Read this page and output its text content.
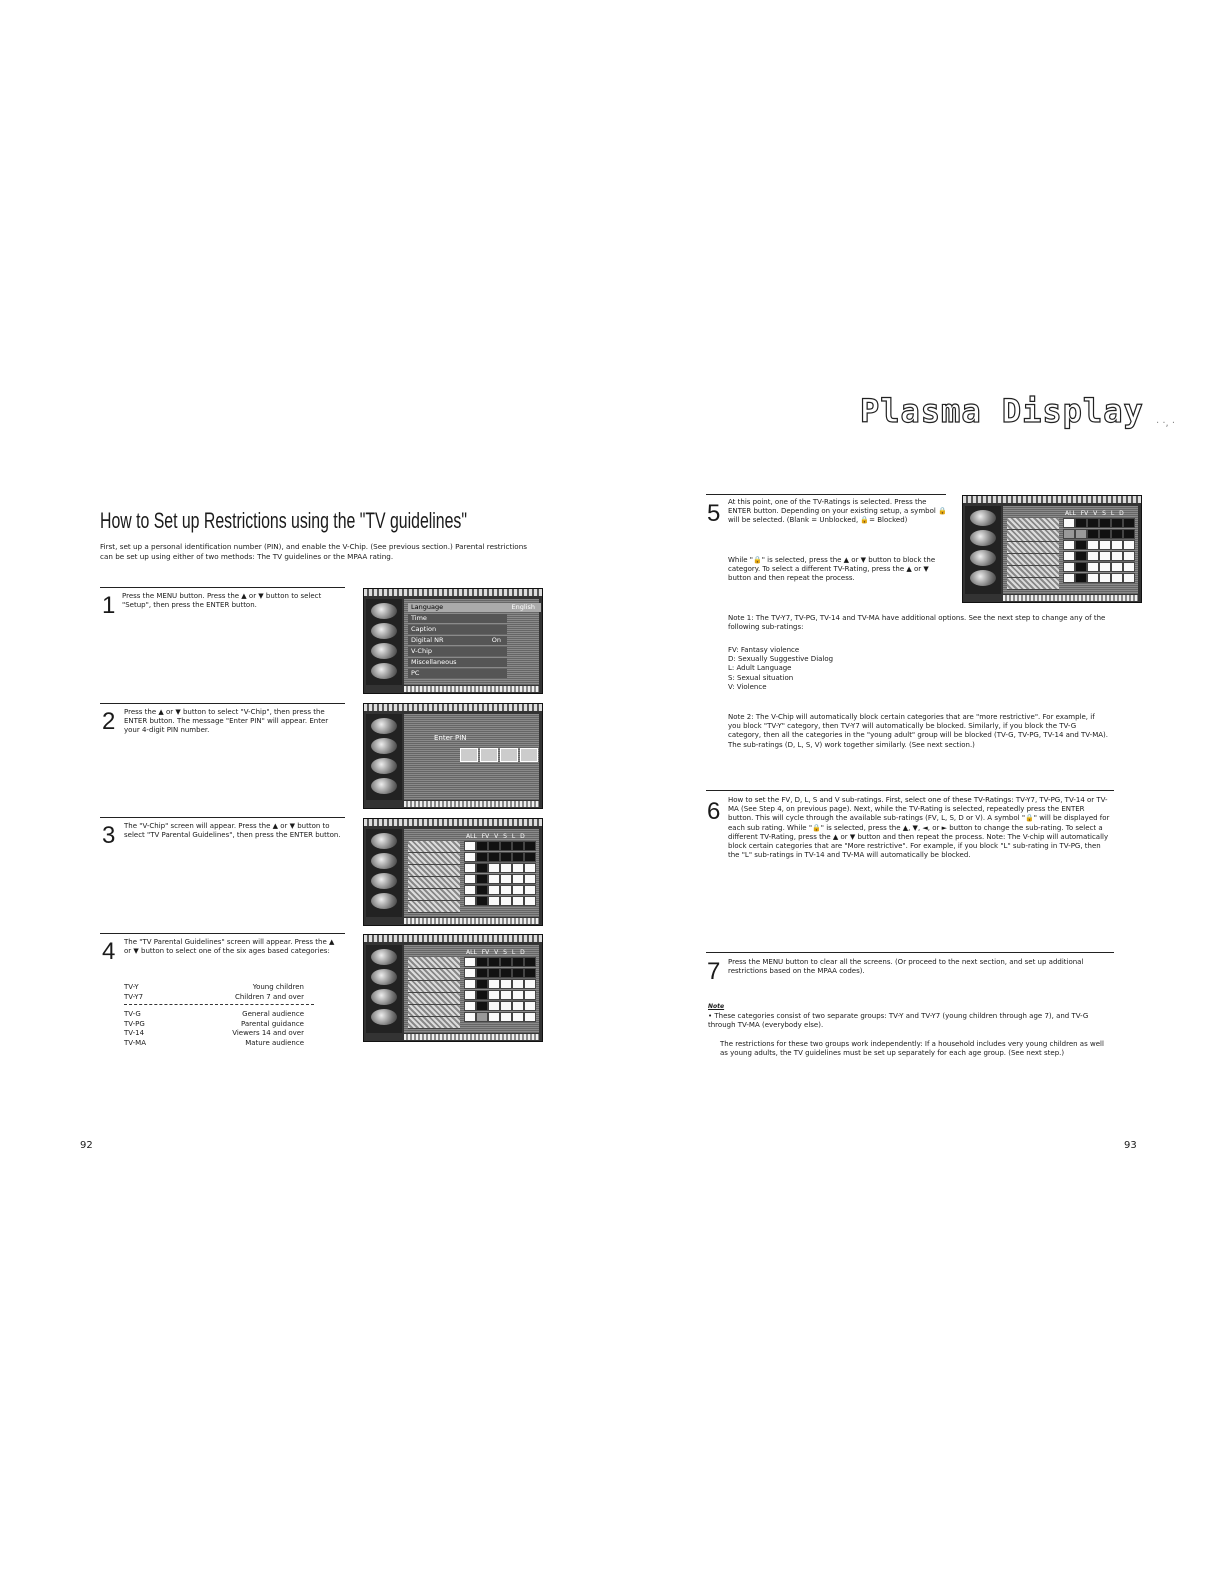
Plasma Display · ·, ·
How to Set up Restrictions using the "TV guidelines"
First, set up a personal identification number (PIN), and enable the V-Chip. (See previous section.) Parental restrictions can be set up using either of two methods: The TV guidelines or the MPAA rating.
1 Press the MENU button. Press the ▲ or ▼ button to select "Setup", then press the ENTER button.	Language	English
Time
Caption
Digital NR	On
V-Chip
Miscellaneous
PC
2 Press the ▲ or ▼ button to select "V-Chip", then press the ENTER button. The message "Enter PIN" will appear. Enter your 4-digit PIN number.
Enter PIN
3 The "V-Chip" screen will appear. Press the ▲ or ▼ button to select "TV Parental Guidelines", then press the ENTER button.	ALL FV V S L D
4 The "TV Parental Guidelines" screen will appear. Press the ▲ or ▼ button to select one of the six ages based categories:
TV-Y	Young children
TV-Y7	Children 7 and over
TV-G	General audience
TV-PG	Parental guidance
TV-14	Viewers 14 and over
TV-MA	Mature audience
ALL FV V S L D
92
5 At this point, one of the TV-Ratings is selected. Press the ENTER button. Depending on your existing setup, a symbol 🔒 will be selected. (Blank = Unblocked, 🔒= Blocked)
While "🔒" is selected, press the ▲ or ▼ button to block the category. To select a different TV-Rating, press the ▲ or ▼ button and then repeat the process.
ALL FV V S L D
Note 1: The TV-Y7, TV-PG, TV-14 and TV-MA have additional options. See the next step to change any of the following sub-ratings:
FV: Fantasy violence
D: Sexually Suggestive Dialog
L: Adult Language
S: Sexual situation
V: Violence
Note 2: The V-Chip will automatically block certain categories that are "more restrictive". For example, if you block "TV-Y" category, then TV-Y7 will automatically be blocked. Similarly, if you block the TV-G category, then all the categories in the "young adult" group will be blocked (TV-G, TV-PG, TV-14 and TV-MA). The sub-ratings (D, L, S, V) work together similarly. (See next section.)
6 How to set the FV, D, L, S and V sub-ratings. First, select one of these TV-Ratings: TV-Y7, TV-PG, TV-14 or TV-MA (See Step 4, on previous page). Next, while the TV-Rating is selected, repeatedly press the ENTER button. This will cycle through the available sub-ratings (FV, L, S, D or V). A symbol "🔒" will be displayed for each sub rating. While "🔒" is selected, press the ▲, ▼, ◄, or ► button to change the sub-rating. To select a different TV-Rating, press the ▲ or ▼ button and then repeat the process. Note: The V-chip will automatically block certain categories that are "More restrictive". For example, if you block "L" sub-rating in TV-PG, then the "L" sub-ratings in TV-14 and TV-MA will automatically be blocked.
7 Press the MENU button to clear all the screens. (Or proceed to the next section, and set up additional restrictions based on the MPAA codes).
Note
• These categories consist of two separate groups: TV-Y and TV-Y7 (young children through age 7), and TV-G through TV-MA (everybody else).
The restrictions for these two groups work independently: If a household includes very young children as well as young adults, the TV guidelines must be set up separately for each age group. (See next step.)
93
